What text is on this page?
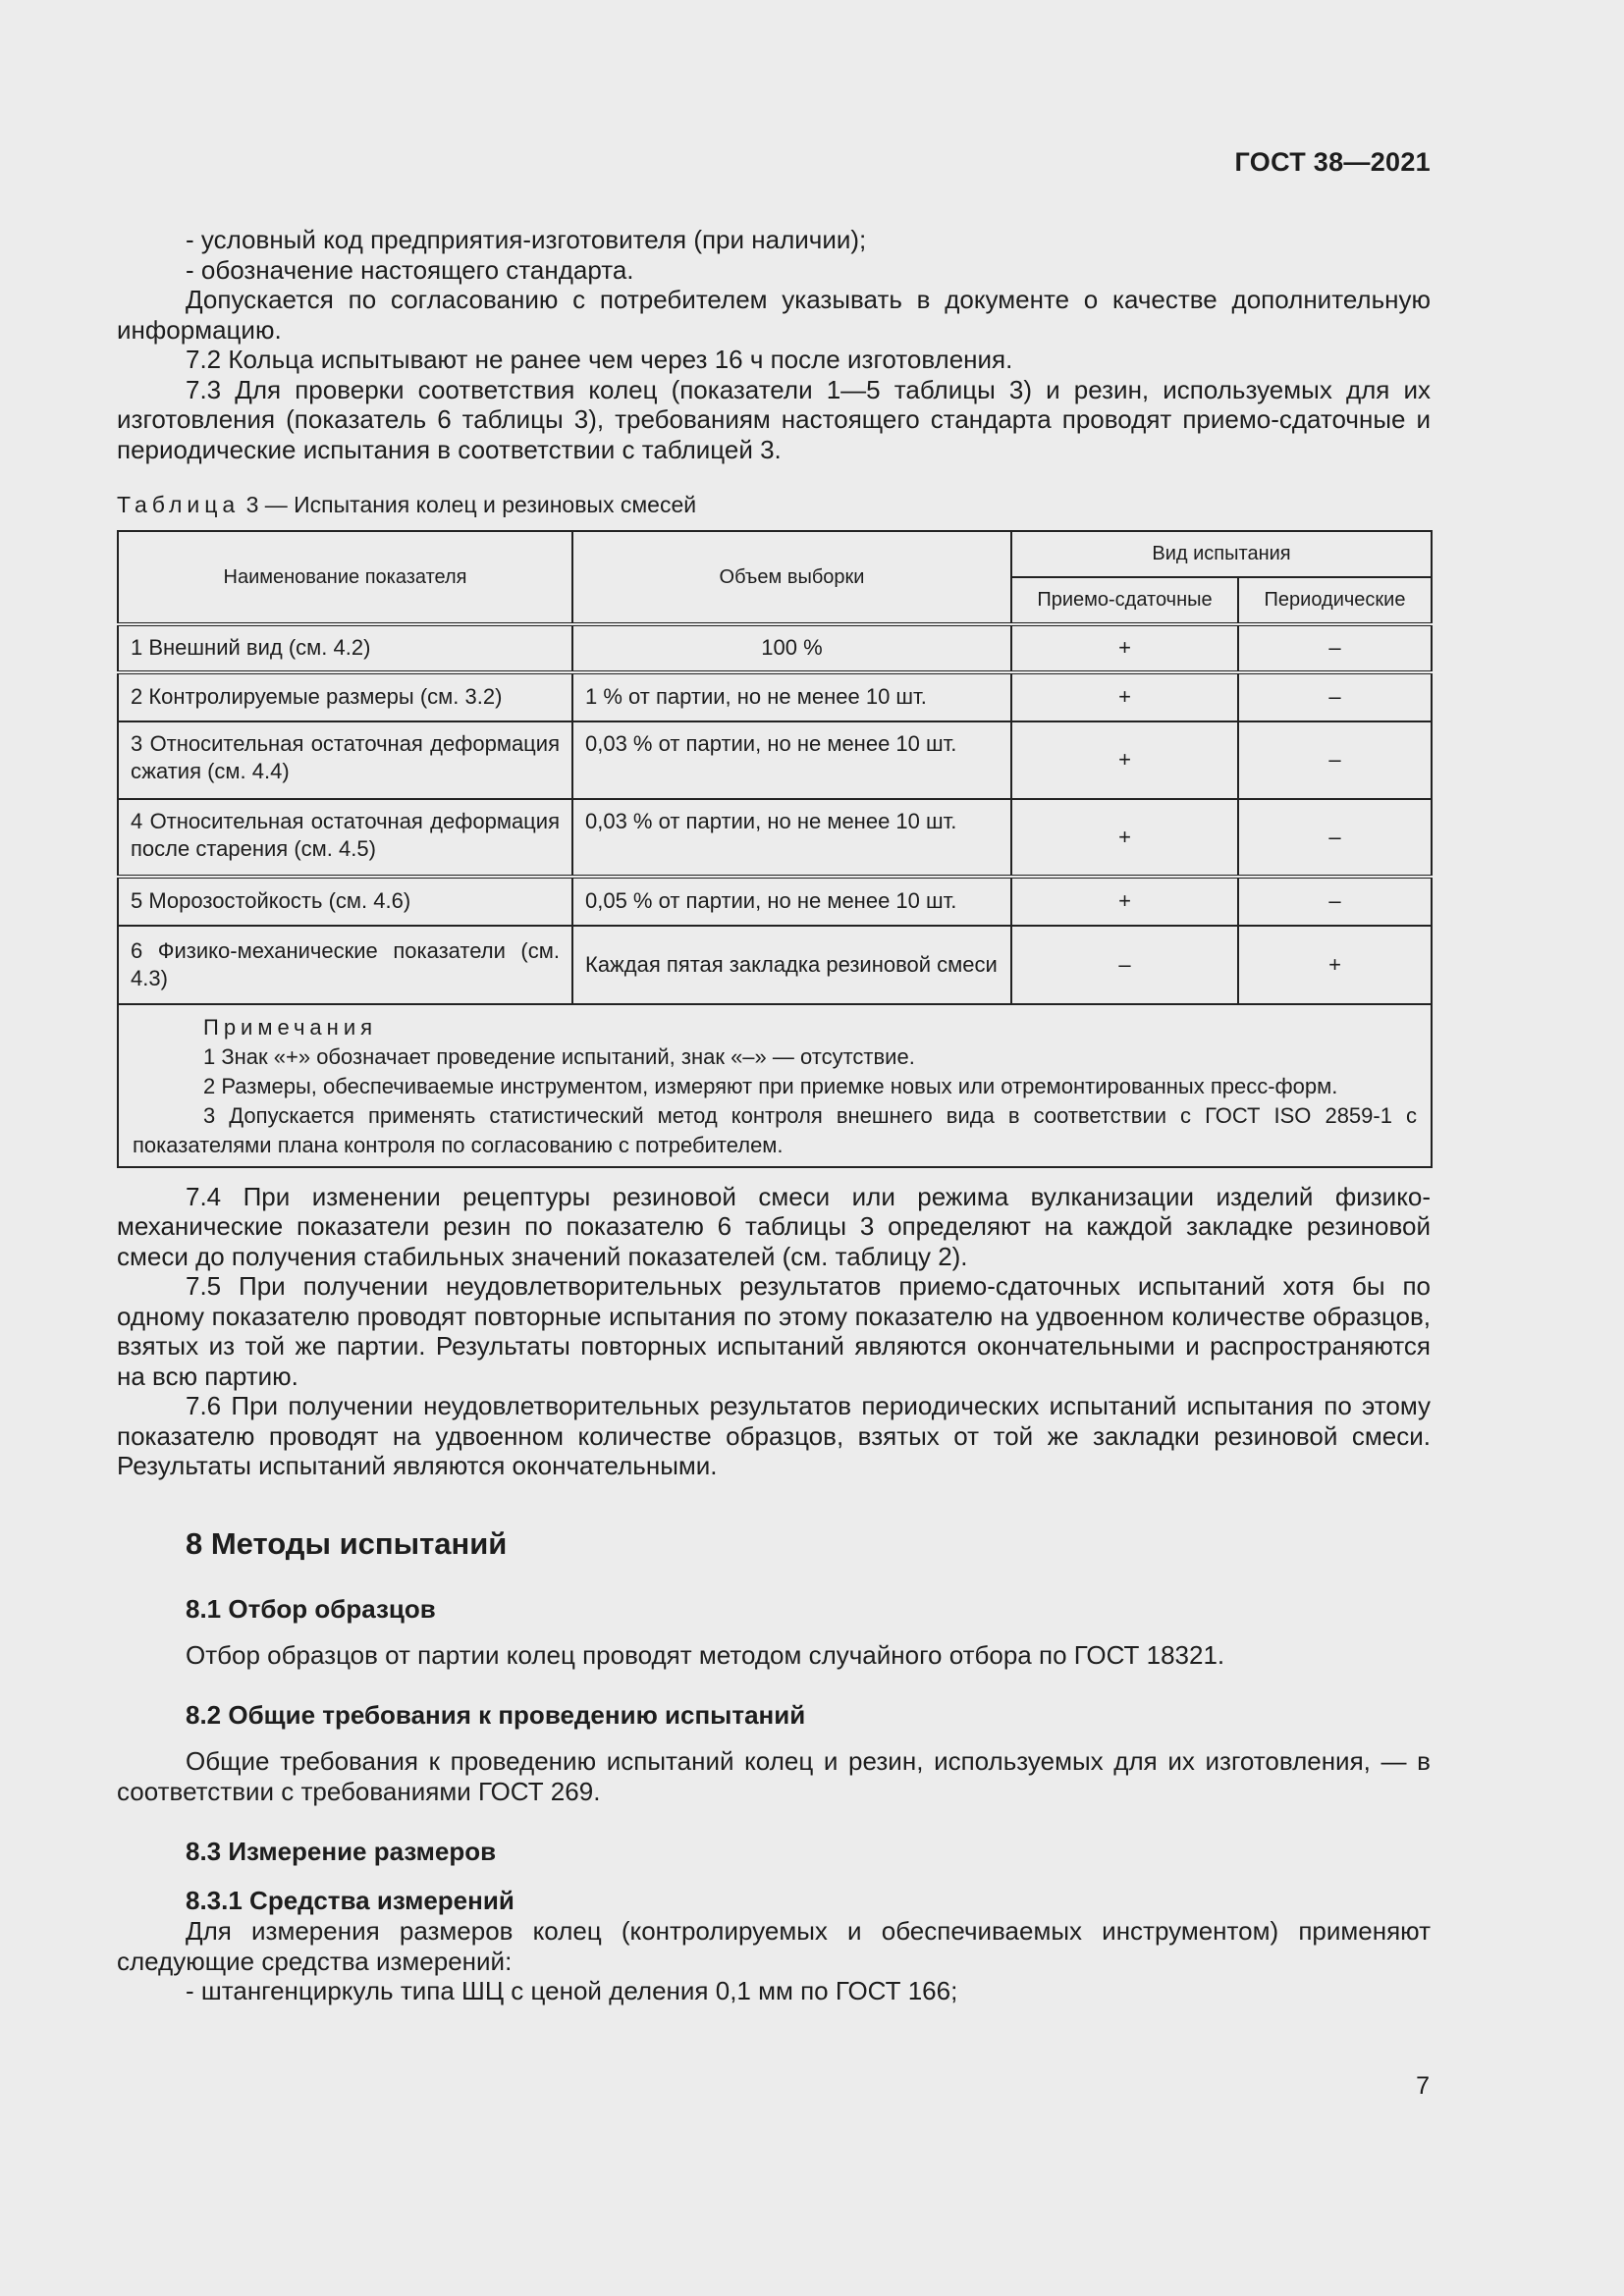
ГОСТ 38—2021

- условный код предприятия-изготовителя (при наличии);

- обозначение настоящего стандарта.

Допускается по согласованию с потребителем указывать в документе о качестве дополнительную информацию.

7.2 Кольца испытывают не ранее чем через 16 ч после изготовления.

7.3 Для проверки соответствия колец (показатели 1—5 таблицы 3) и резин, используемых для их изготовления (показатель 6 таблицы 3), требованиям настоящего стандарта проводят приемо-сдаточные и периодические испытания в соответствии с таблицей 3.

Таблица 3 — Испытания колец и резиновых смесей
Наименование показателя	Объем выборки	Вид испытания	
		Приемо-сдаточные	Периодические
1 Внешний вид (см. 4.2)	100 %	+	–
2 Контролируемые размеры (см. 3.2)	1 % от партии, но не менее 10 шт.	+	–
3 Относительная остаточная деформация сжатия (см. 4.4)	0,03 % от партии, но не менее 10 шт.	+	–
4 Относительная остаточная деформация после старения (см. 4.5)	0,03 % от партии, но не менее 10 шт.	+	–
5 Морозостойкость (см. 4.6)	0,05 % от партии, но не менее 10 шт.	+	–
6 Физико-механические показатели (см. 4.3)	Каждая пятая закладка резиновой смеси	–	+

Примечания
1 Знак «+» обозначает проведение испытаний, знак «–» — отсутствие.
2 Размеры, обеспечиваемые инструментом, измеряют при приемке новых или отремонтированных пресс-форм.
3 Допускается применять статистический метод контроля внешнего вида в соответствии с ГОСТ ISO 2859-1 с показателями плана контроля по согласованию с потребителем.			

7.4 При изменении рецептуры резиновой смеси или режима вулканизации изделий физико-механические показатели резин по показателю 6 таблицы 3 определяют на каждой закладке резиновой смеси до получения стабильных значений показателей (см. таблицу 2).

7.5 При получении неудовлетворительных результатов приемо-сдаточных испытаний хотя бы по одному показателю проводят повторные испытания по этому показателю на удвоенном количестве образцов, взятых из той же партии. Результаты повторных испытаний являются окончательными и распространяются на всю партию.

7.6 При получении неудовлетворительных результатов периодических испытаний испытания по этому показателю проводят на удвоенном количестве образцов, взятых от той же закладки резиновой смеси. Результаты испытаний являются окончательными.

8 Методы испытаний
8.1 Отбор образцов

Отбор образцов от партии колец проводят методом случайного отбора по ГОСТ 18321.

8.2 Общие требования к проведению испытаний

Общие требования к проведению испытаний колец и резин, используемых для их изготовления, — в соответствии с требованиями ГОСТ 269.

8.3 Измерение размеров
8.3.1 Средства измерений

Для измерения размеров колец (контролируемых и обеспечиваемых инструментом) применяют следующие средства измерений:

- штангенциркуль типа ШЦ с ценой деления 0,1 мм по ГОСТ 166;

7
